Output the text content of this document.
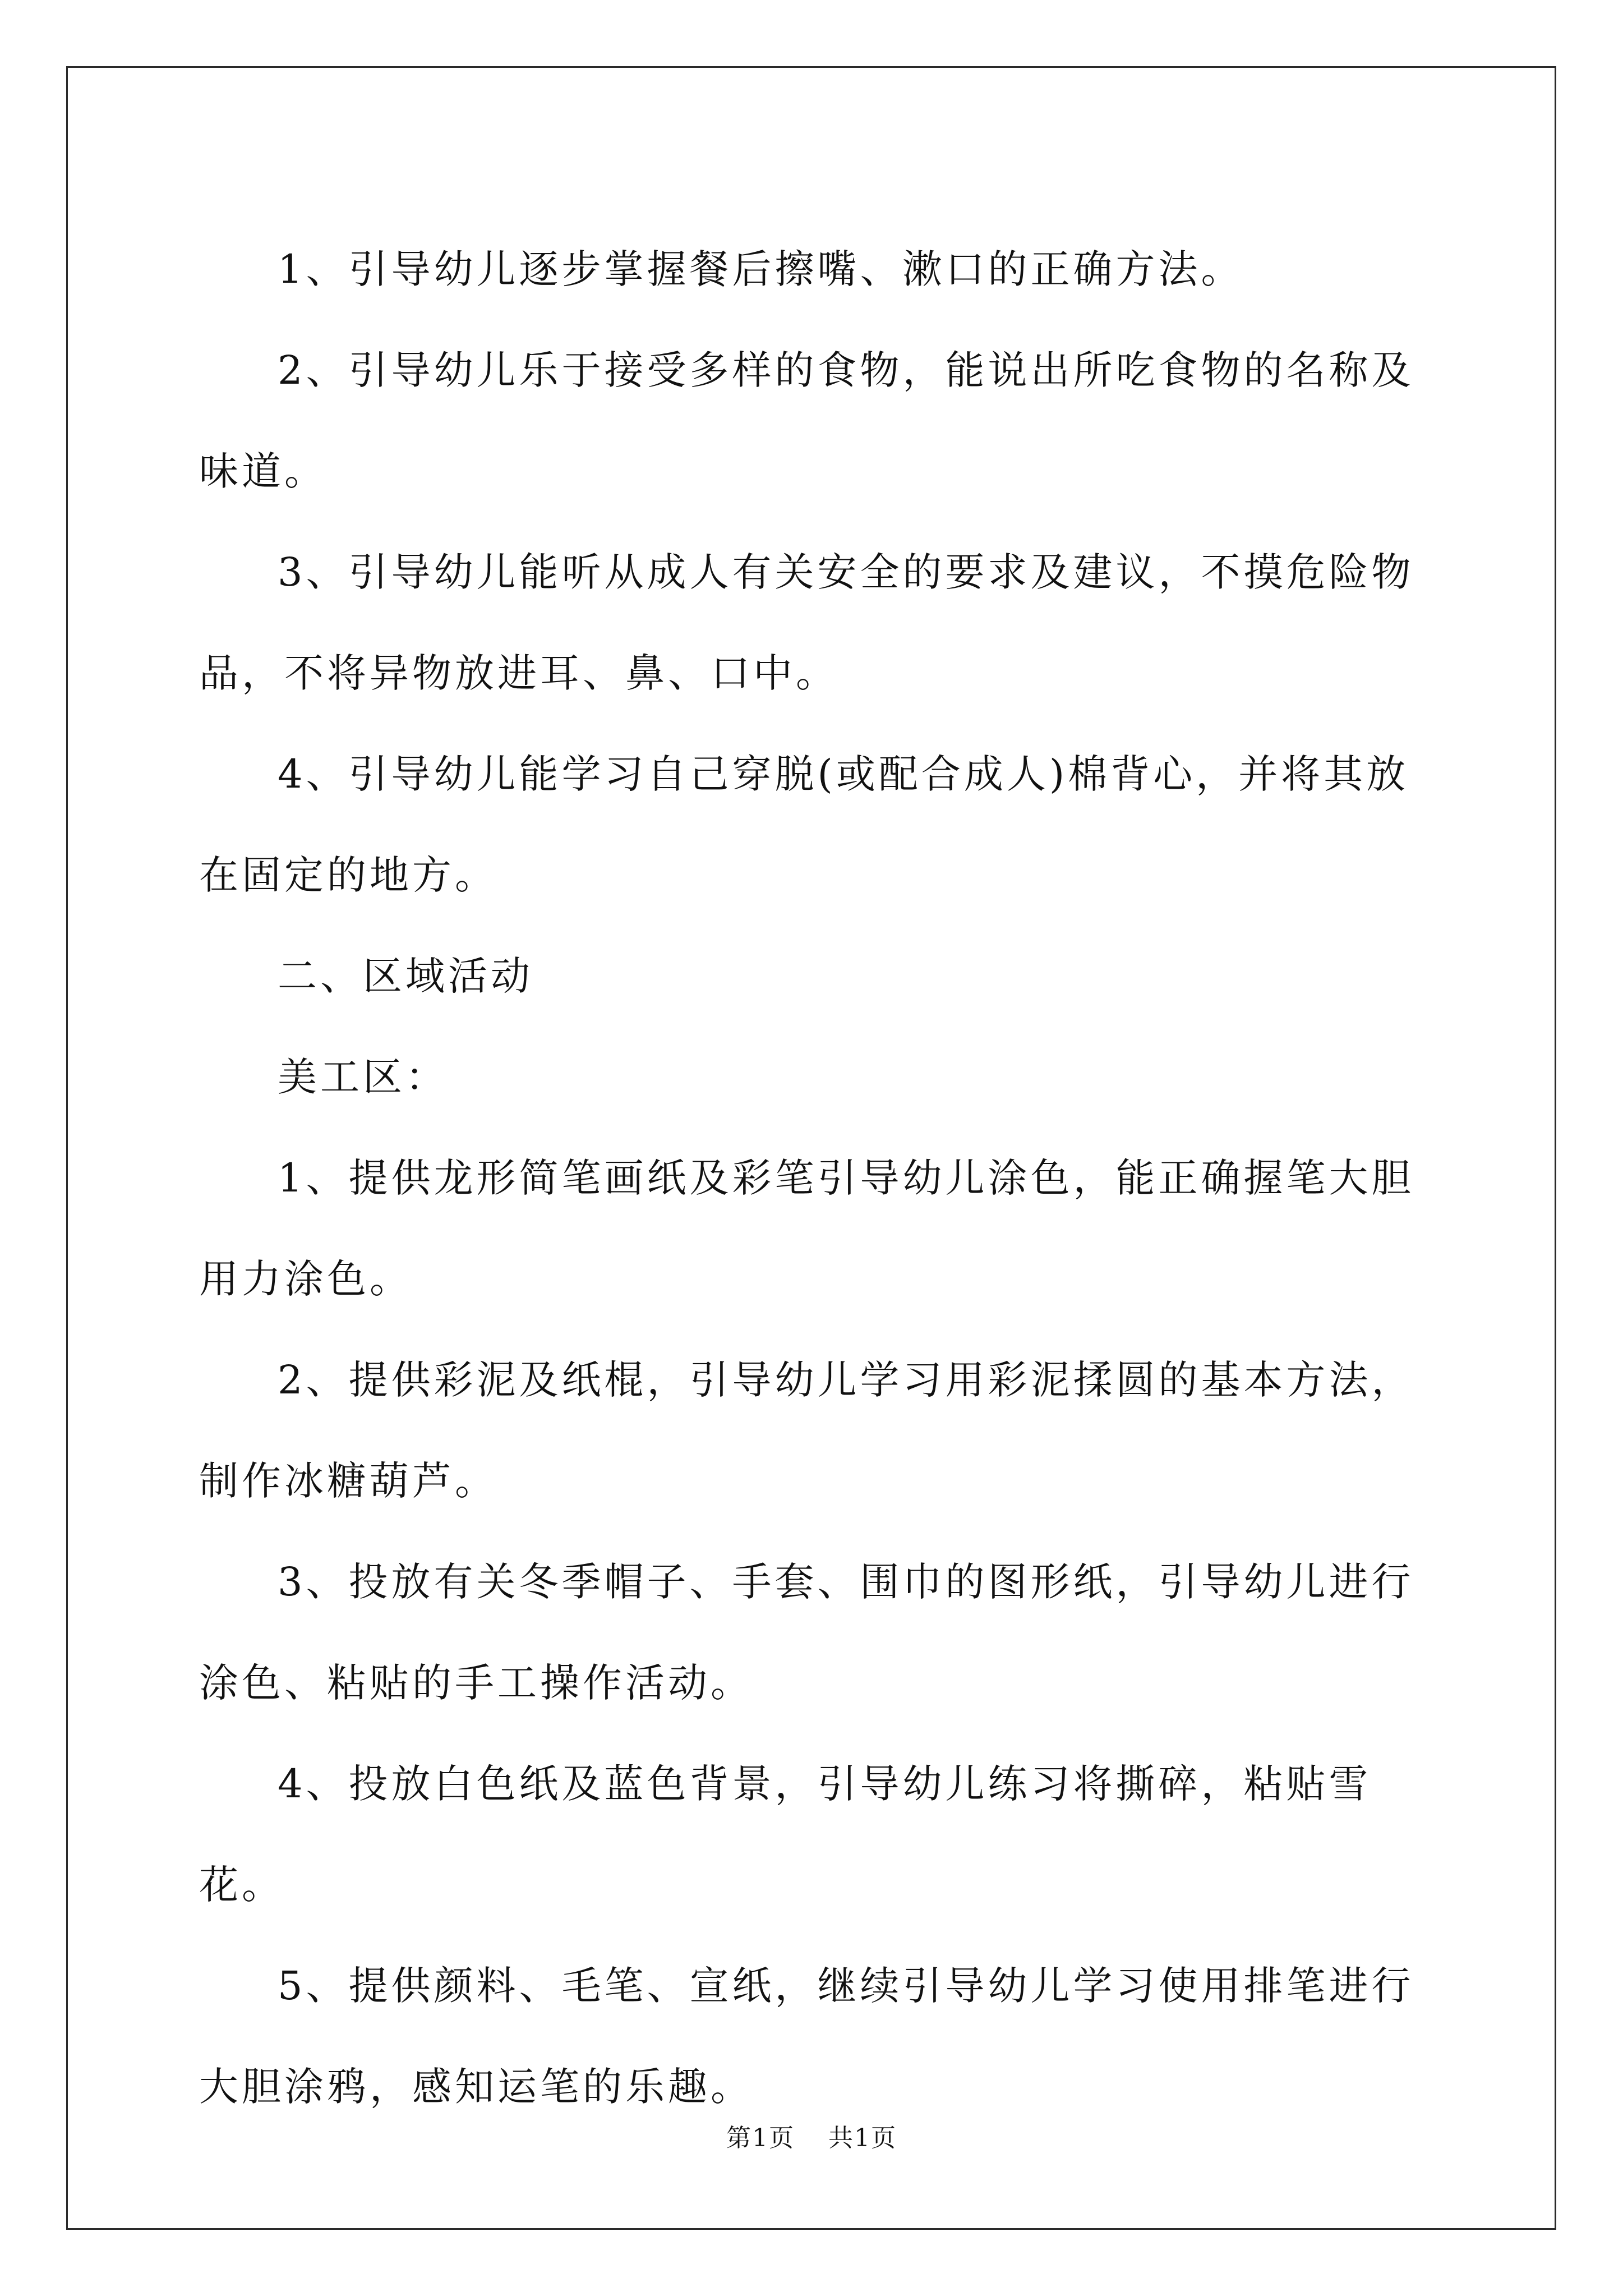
1、引导幼儿逐步掌握餐后擦嘴、漱口的正确方法。

2、引导幼儿乐于接受多样的食物，能说出所吃食物的名称及味道。

3、引导幼儿能听从成人有关安全的要求及建议，不摸危险物品，不将异物放进耳、鼻、口中。

4、引导幼儿能学习自己穿脱(或配合成人)棉背心，并将其放在固定的地方。

二、区域活动

美工区：

1、提供龙形简笔画纸及彩笔引导幼儿涂色，能正确握笔大胆用力涂色。

2、提供彩泥及纸棍，引导幼儿学习用彩泥揉圆的基本方法，制作冰糖葫芦。

3、投放有关冬季帽子、手套、围巾的图形纸，引导幼儿进行涂色、粘贴的手工操作活动。

4、投放白色纸及蓝色背景，引导幼儿练习将撕碎，粘贴雪花。

5、提供颜料、毛笔、宣纸，继续引导幼儿学习使用排笔进行大胆涂鸦，感知运笔的乐趣。

第1页 共1页
